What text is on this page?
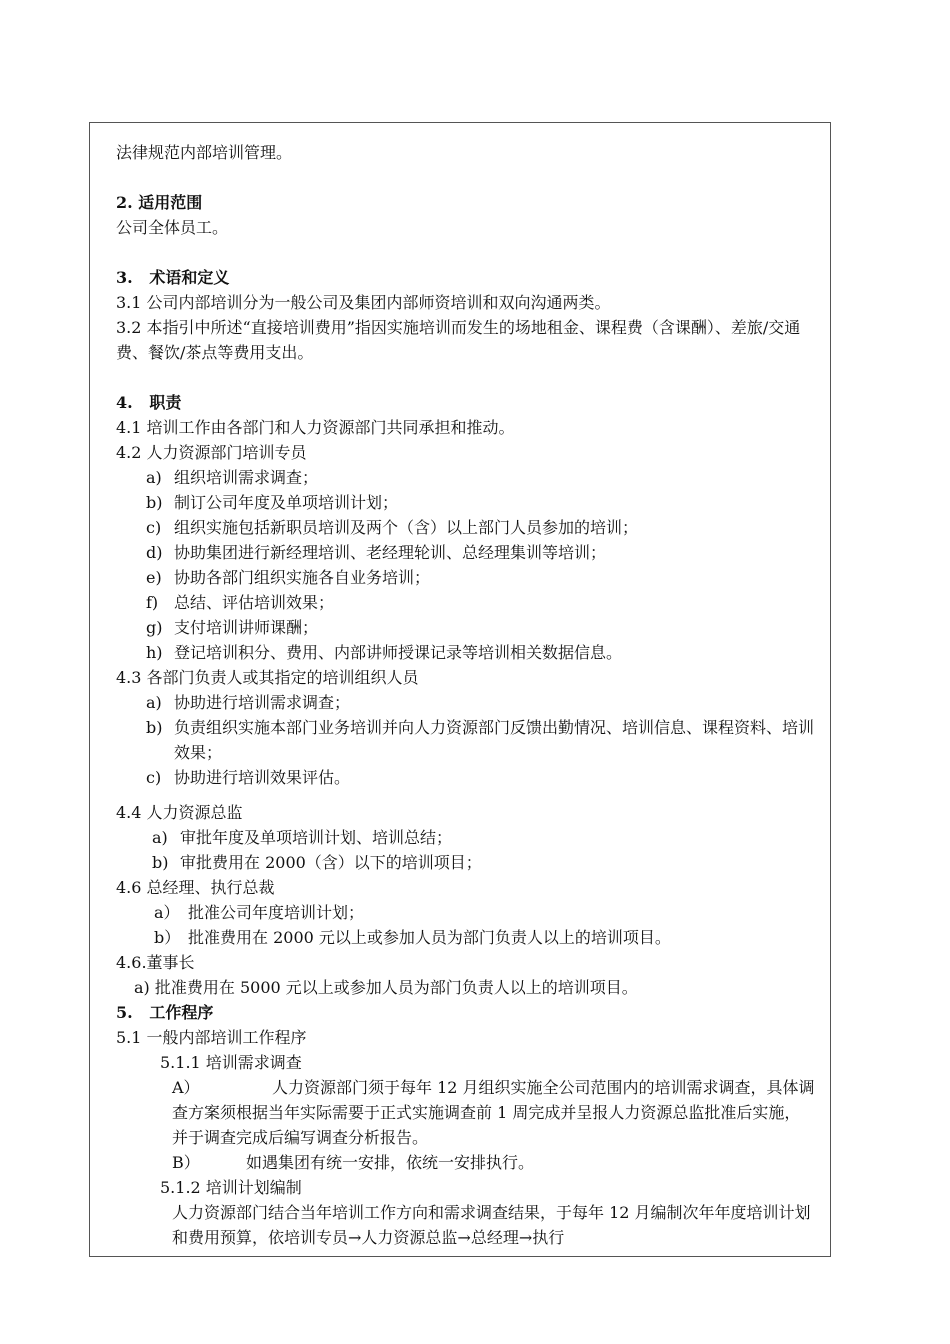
法律规范内部培训管理。
2. 适用范围
公司全体员工。
3.   术语和定义
3.1 公司内部培训分为一般公司及集团内部师资培训和双向沟通两类。
3.2 本指引中所述“直接培训费用”指因实施培训而发生的场地租金、课程费（含课酬）、差旅/交通费、餐饮/茶点等费用支出。
4.   职责
4.1 培训工作由各部门和人力资源部门共同承担和推动。
4.2 人力资源部门培训专员
a) 组织培训需求调查；
b) 制订公司年度及单项培训计划；
c) 组织实施包括新职员培训及两个（含）以上部门人员参加的培训；
d) 协助集团进行新经理培训、老经理轮训、总经理集训等培训；
e) 协助各部门组织实施各自业务培训；
f) 总结、评估培训效果；
g) 支付培训讲师课酬；
h) 登记培训积分、费用、内部讲师授课记录等培训相关数据信息。
4.3 各部门负责人或其指定的培训组织人员
a) 协助进行培训需求调查；
b) 负责组织实施本部门业务培训并向人力资源部门反馈出勤情况、培训信息、课程资料、培训效果；
c) 协助进行培训效果评估。
4.4 人力资源总监
a) 审批年度及单项培训计划、培训总结；
b) 审批费用在 2000（含）以下的培训项目；
4.6 总经理、执行总裁
a） 批准公司年度培训计划；
b） 批准费用在 2000 元以上或参加人员为部门负责人以上的培训项目。
4.6.董事长
a) 批准费用在 5000 元以上或参加人员为部门负责人以上的培训项目。
5.   工作程序
5.1 一般内部培训工作程序
5.1.1 培训需求调查
A）	人力资源部门须于每年 12 月组织实施全公司范围内的培训需求调查，具体调查方案须根据当年实际需要于正式实施调查前 1 周完成并呈报人力资源总监批准后实施，并于调查完成后编写调查分析报告。
B）	如遇集团有统一安排，依统一安排执行。
5.1.2 培训计划编制
人力资源部门结合当年培训工作方向和需求调查结果，于每年 12 月编制次年年度培训计划和费用预算，依培训专员→人力资源总监→总经理→执行
